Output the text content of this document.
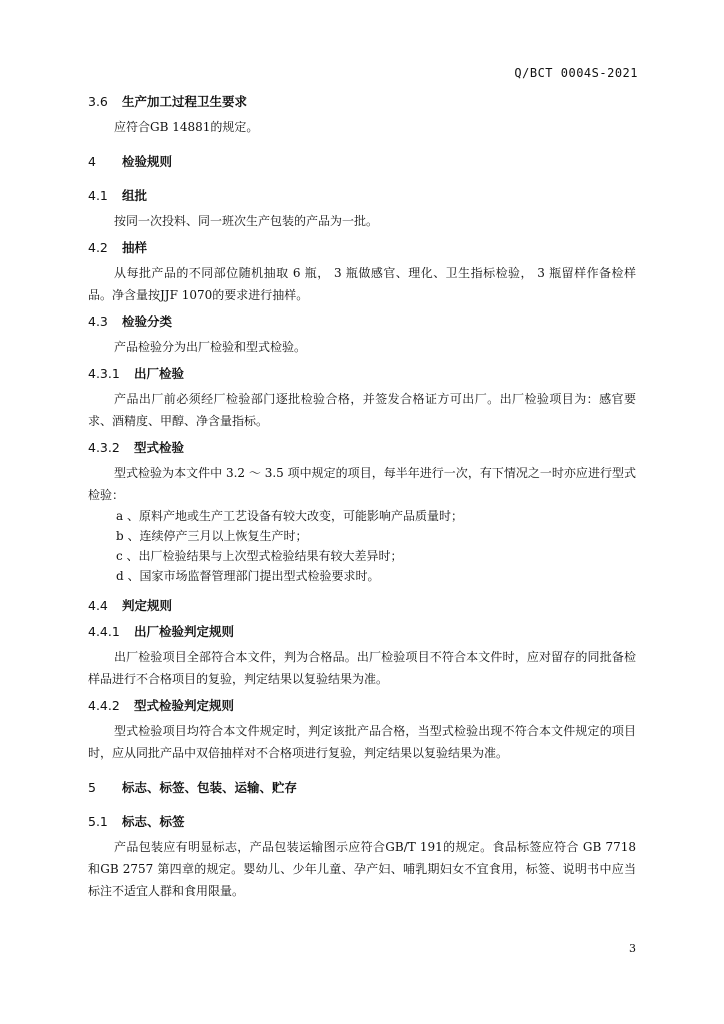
Q/BCT 0004S-2021
3.6	生产加工过程卫生要求

应符合GB 14881的规定。

4	检验规则
4.1	组批

按同一次投料、同一班次生产包装的产品为一批。

4.2	抽样

从每批产品的不同部位随机抽取 6 瓶， 3 瓶做感官、理化、卫生指标检验， 3 瓶留样作备检样品。净含量按JJF 1070的要求进行抽样。

4.3	检验分类

产品检验分为出厂检验和型式检验。

4.3.1	出厂检验

产品出厂前必须经厂检验部门逐批检验合格，并签发合格证方可出厂。出厂检验项目为：感官要求、酒精度、甲醇、净含量指标。

4.3.2	型式检验

型式检验为本文件中 3.2 ～ 3.5 项中规定的项目，每半年进行一次，有下情况之一时亦应进行型式检验：

a 、原料产地或生产工艺设备有较大改变，可能影响产品质量时；

b 、连续停产三月以上恢复生产时；

c 、出厂检验结果与上次型式检验结果有较大差异时；

d 、国家市场监督管理部门提出型式检验要求时。

4.4	判定规则
4.4.1	出厂检验判定规则

出厂检验项目全部符合本文件，判为合格品。出厂检验项目不符合本文件时，应对留存的同批备检样品进行不合格项目的复验，判定结果以复验结果为准。

4.4.2	型式检验判定规则

型式检验项目均符合本文件规定时，判定该批产品合格，当型式检验出现不符合本文件规定的项目时，应从同批产品中双倍抽样对不合格项进行复验，判定结果以复验结果为准。

5	标志、标签、包装、运输、贮存
5.1	标志、标签

产品包装应有明显标志，产品包装运输图示应符合GB/T 191的规定。食品标签应符合 GB 7718 和GB 2757 第四章的规定。婴幼儿、少年儿童、孕产妇、哺乳期妇女不宜食用，标签、说明书中应当标注不适宜人群和食用限量。

3
